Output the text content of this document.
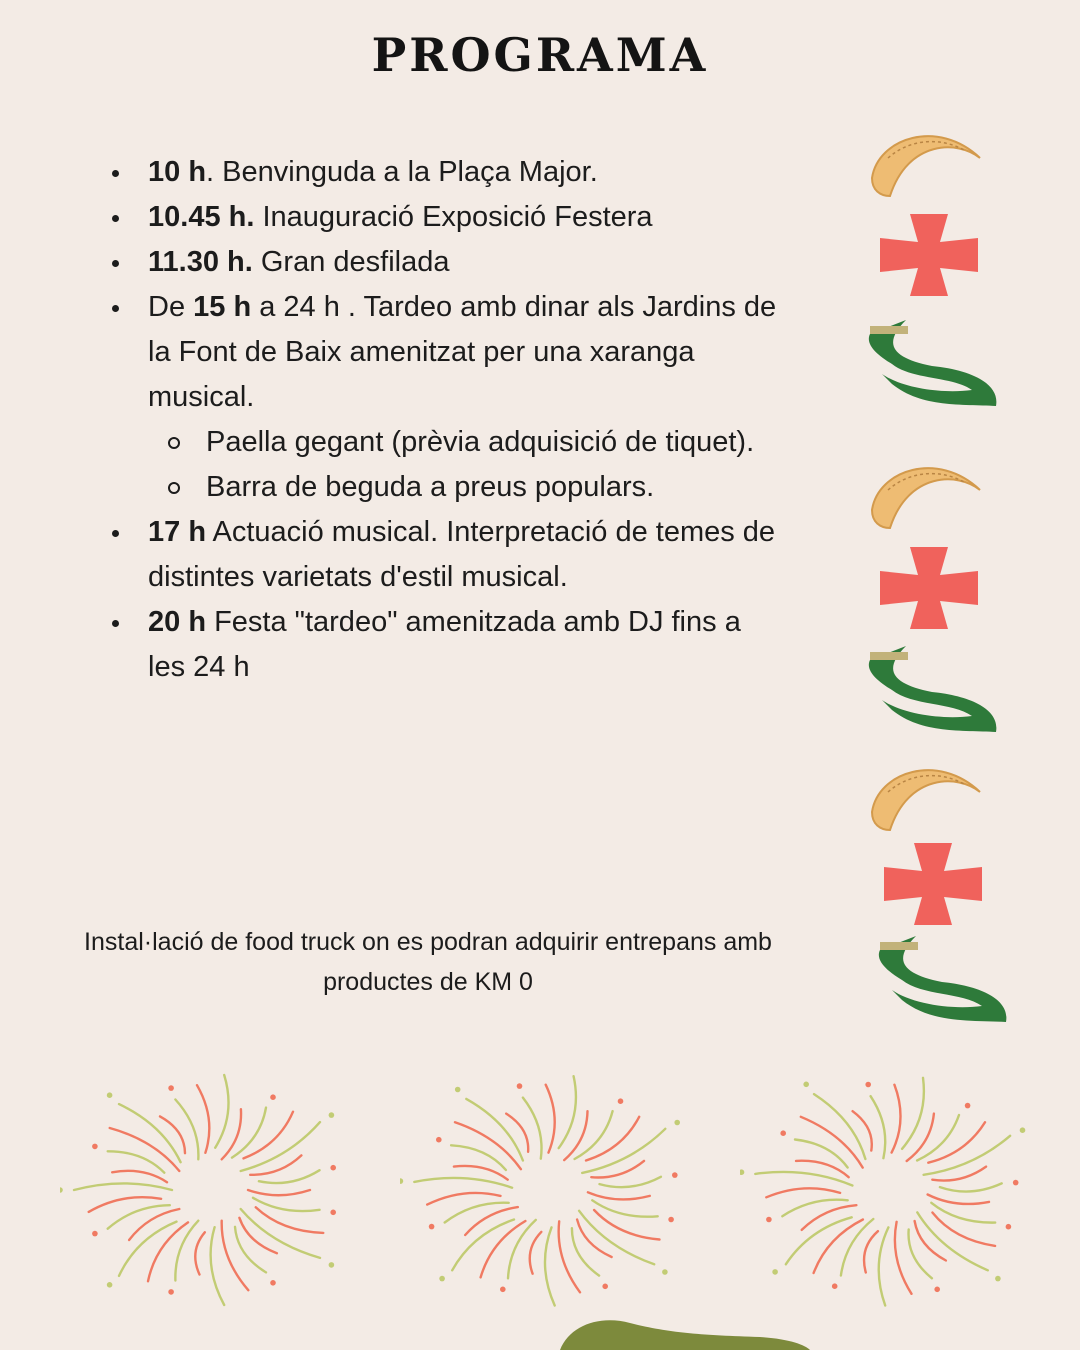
PROGRAMA
10 h. Benvinguda a la Plaça Major.
10.45 h. Inauguració Exposició Festera
11.30 h. Gran desfilada
De 15 h a 24 h . Tardeo amb dinar als Jardins de la Font de Baix amenitzat per una xaranga musical.
Paella gegant (prèvia adquisició de tiquet).
Barra de beguda a preus populars.
17 h Actuació musical. Interpretació de temes de distintes varietats d'estil musical.
20 h Festa "tardeo" amenitzada amb DJ fins a les 24 h
Instal·lació de food truck on es podran adquirir entrepans amb productes de KM 0
